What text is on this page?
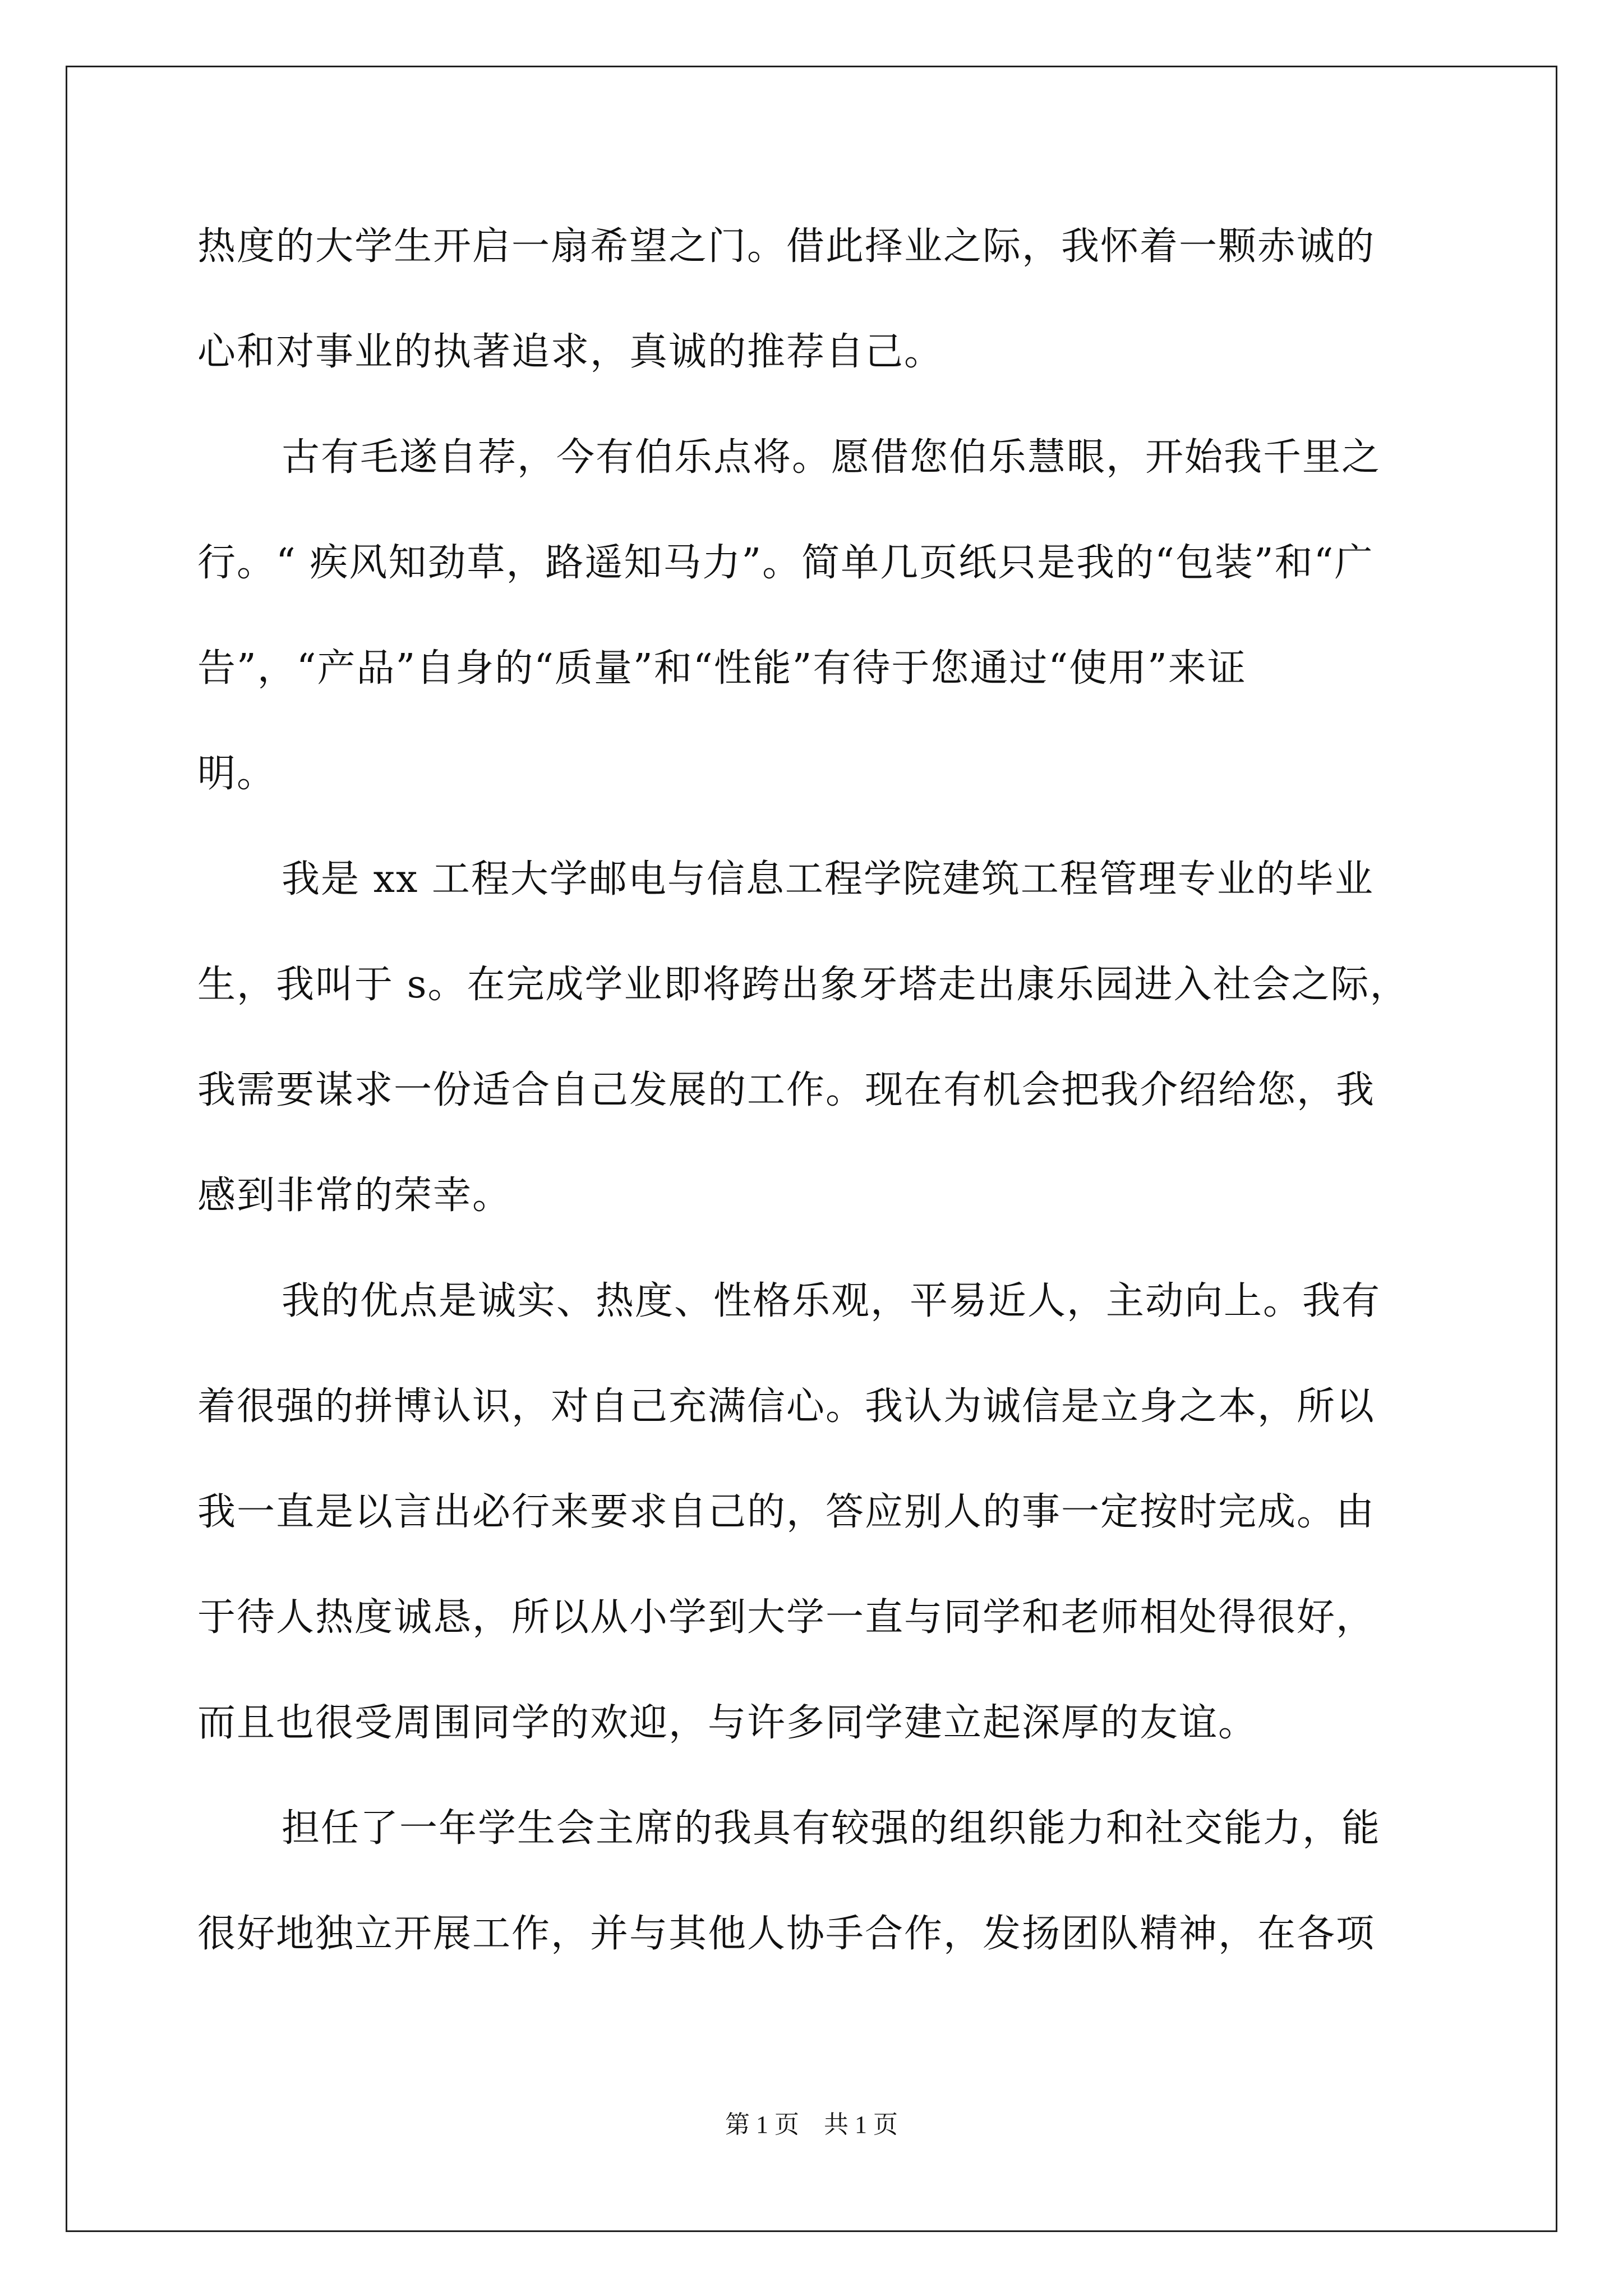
热度的大学生开启一扇希望之门。借此择业之际，我怀着一颗赤诚的
心和对事业的执著追求，真诚的推荐自己。
古有毛遂自荐，今有伯乐点将。愿借您伯乐慧眼，开始我千里之
行。“ 疾风知劲草，路遥知马力”。简单几页纸只是我的“包装”和“广
告”，“产品”自身的“质量”和“性能”有待于您通过“使用”来证
明。
我是 xx 工程大学邮电与信息工程学院建筑工程管理专业的毕业
生，我叫于 s。在完成学业即将跨出象牙塔走出康乐园进入社会之际，
我需要谋求一份适合自己发展的工作。现在有机会把我介绍给您，我
感到非常的荣幸。
我的优点是诚实、热度、性格乐观，平易近人，主动向上。我有
着很强的拼博认识，对自己充满信心。我认为诚信是立身之本，所以
我一直是以言出必行来要求自己的，答应别人的事一定按时完成。由
于待人热度诚恳，所以从小学到大学一直与同学和老师相处得很好，
而且也很受周围同学的欢迎，与许多同学建立起深厚的友谊。
担任了一年学生会主席的我具有较强的组织能力和社交能力，能
很好地独立开展工作，并与其他人协手合作，发扬团队精神，在各项
第 1 页    共 1 页
